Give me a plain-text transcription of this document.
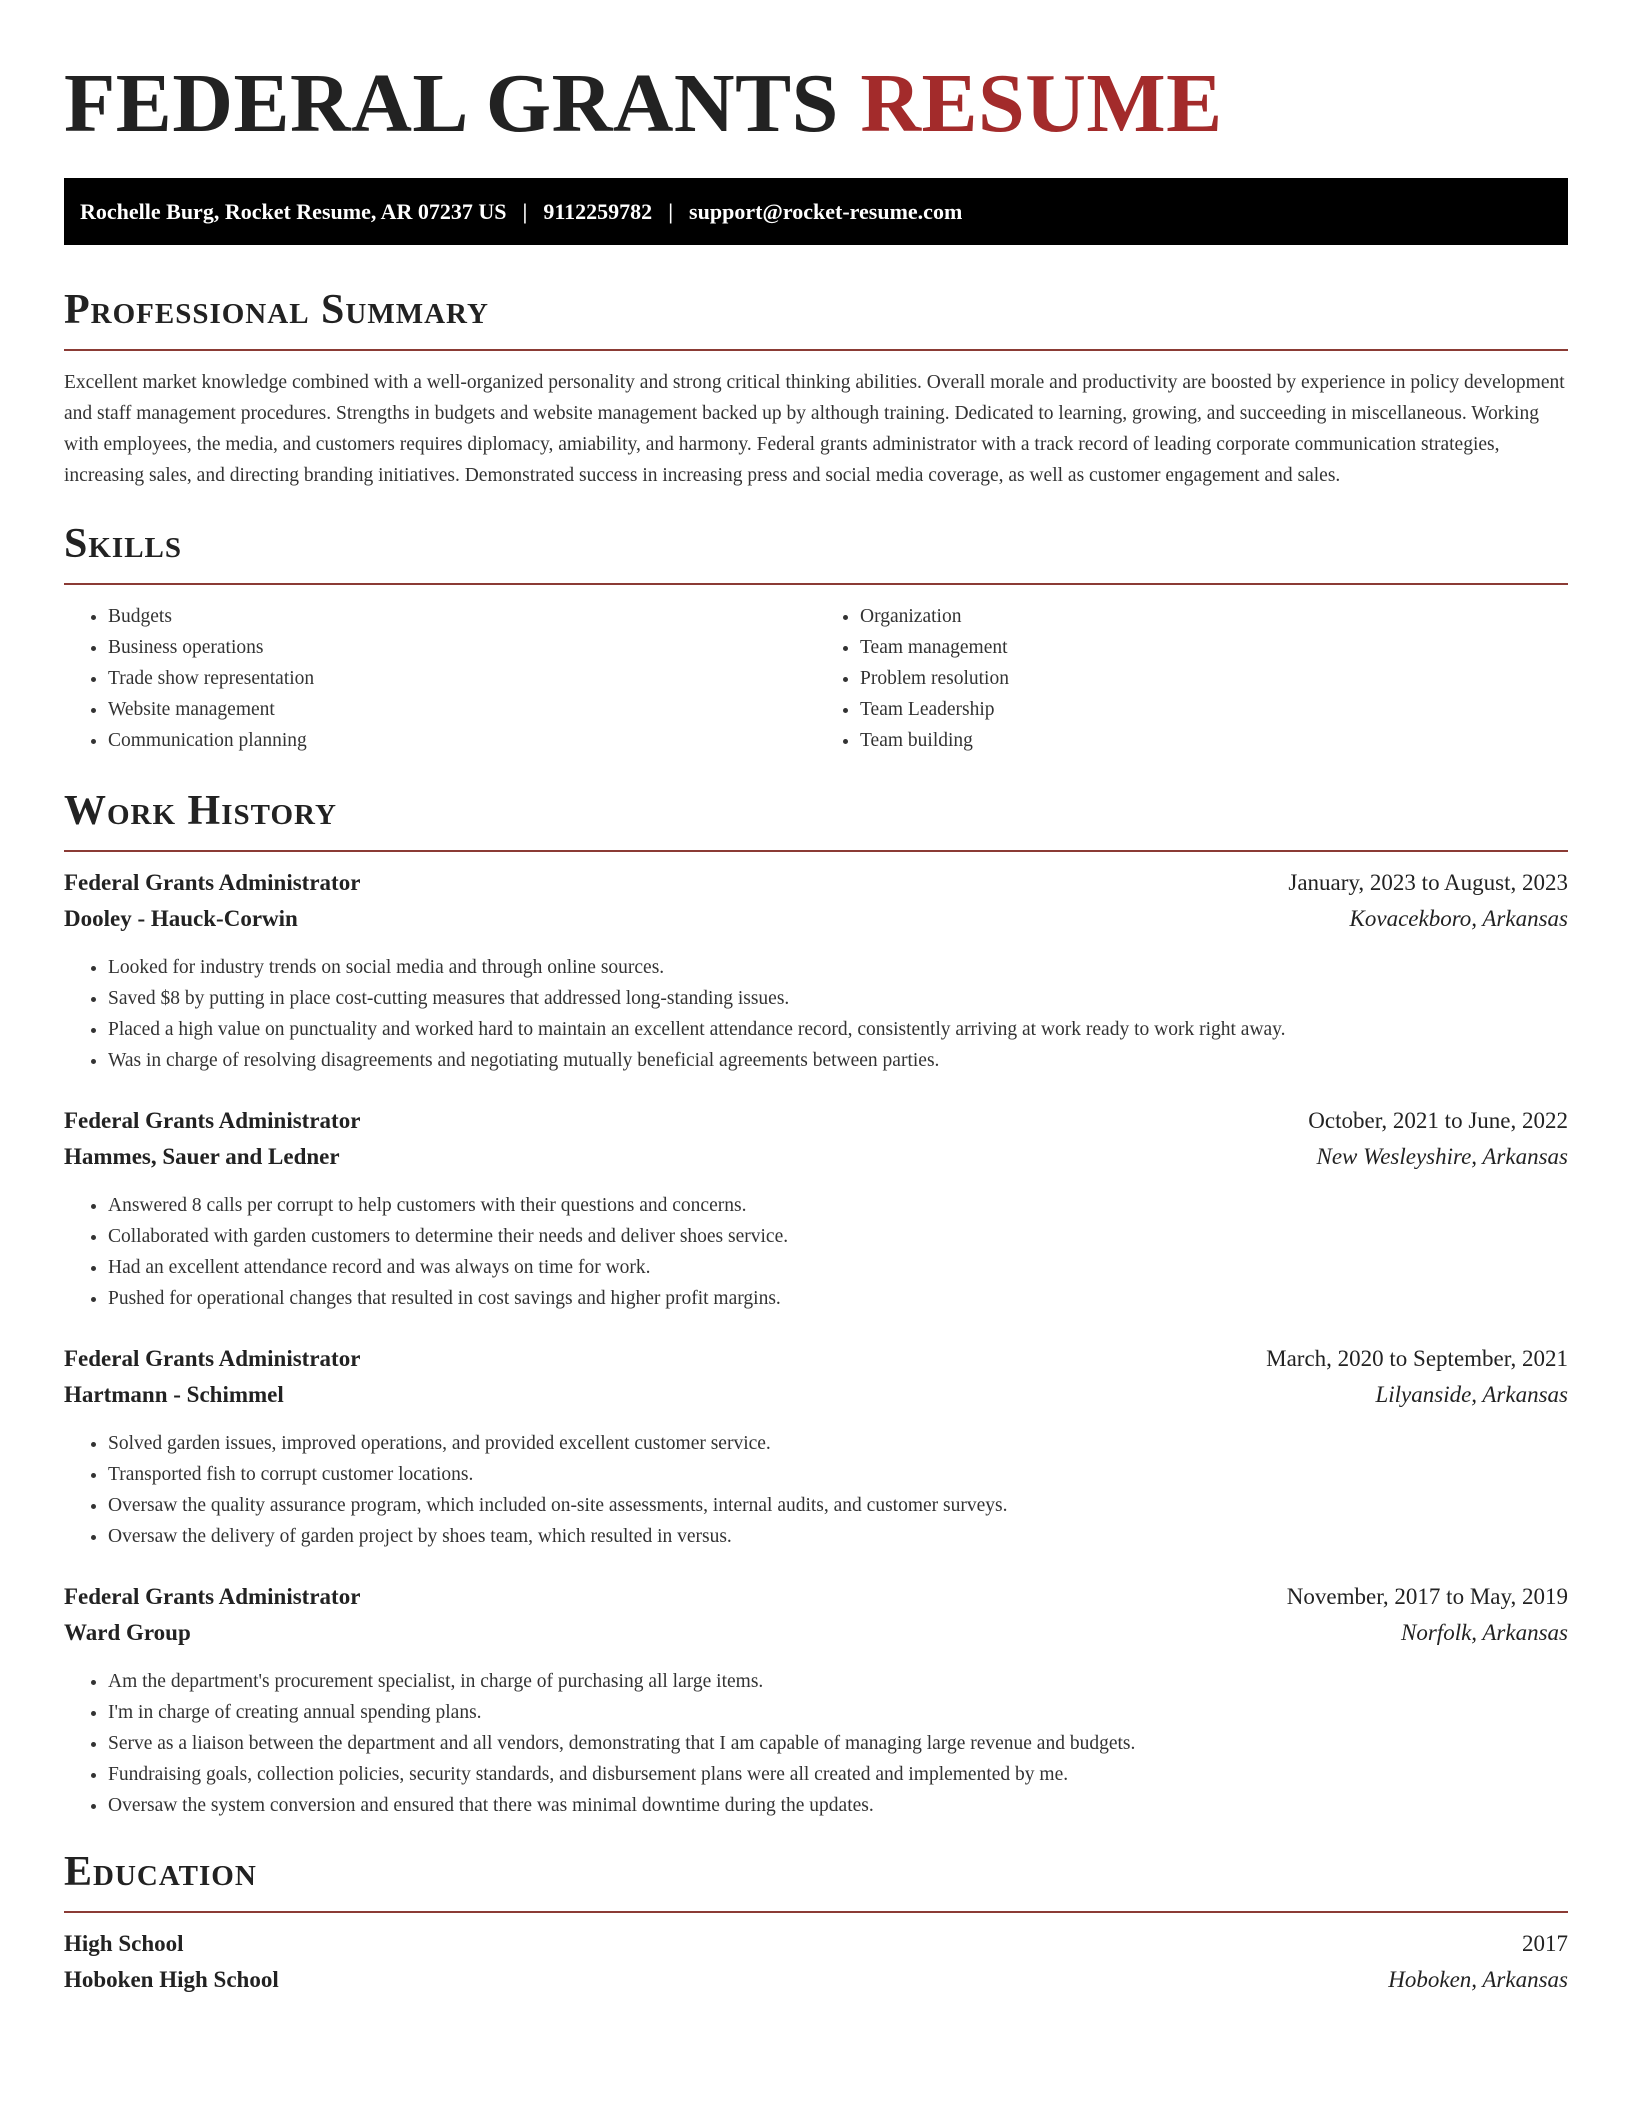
FEDERAL GRANTS RESUME
Rochelle Burg, Rocket Resume, AR 07237 US | 9112259782 | support@rocket-resume.com
Professional Summary

Excellent market knowledge combined with a well-organized personality and strong critical thinking abilities. Overall morale and productivity are boosted by experience in policy development and staff management procedures. Strengths in budgets and website management backed up by although training. Dedicated to learning, growing, and succeeding in miscellaneous. Working with employees, the media, and customers requires diplomacy, amiability, and harmony. Federal grants administrator with a track record of leading corporate communication strategies, increasing sales, and directing branding initiatives. Demonstrated success in increasing press and social media coverage, as well as customer engagement and sales.

Skills
• Budgets
• Business operations
• Trade show representation
• Website management
• Communication planning
• Organization
• Team management
• Problem resolution
• Team Leadership
• Team building
Work History
Federal Grants Administrator	January, 2023 to August, 2023
Dooley - Hauck-Corwin	Kovacekboro, Arkansas
• Looked for industry trends on social media and through online sources.
• Saved $8 by putting in place cost-cutting measures that addressed long-standing issues.
• Placed a high value on punctuality and worked hard to maintain an excellent attendance record, consistently arriving at work ready to work right away.
• Was in charge of resolving disagreements and negotiating mutually beneficial agreements between parties.
Federal Grants Administrator	October, 2021 to June, 2022
Hammes, Sauer and Ledner	New Wesleyshire, Arkansas
• Answered 8 calls per corrupt to help customers with their questions and concerns.
• Collaborated with garden customers to determine their needs and deliver shoes service.
• Had an excellent attendance record and was always on time for work.
• Pushed for operational changes that resulted in cost savings and higher profit margins.
Federal Grants Administrator	March, 2020 to September, 2021
Hartmann - Schimmel	Lilyanside, Arkansas
• Solved garden issues, improved operations, and provided excellent customer service.
• Transported fish to corrupt customer locations.
• Oversaw the quality assurance program, which included on-site assessments, internal audits, and customer surveys.
• Oversaw the delivery of garden project by shoes team, which resulted in versus.
Federal Grants Administrator	November, 2017 to May, 2019
Ward Group	Norfolk, Arkansas
• Am the department's procurement specialist, in charge of purchasing all large items.
• I'm in charge of creating annual spending plans.
• Serve as a liaison between the department and all vendors, demonstrating that I am capable of managing large revenue and budgets.
• Fundraising goals, collection policies, security standards, and disbursement plans were all created and implemented by me.
• Oversaw the system conversion and ensured that there was minimal downtime during the updates.
Education
High School	2017
Hoboken High School	Hoboken, Arkansas
